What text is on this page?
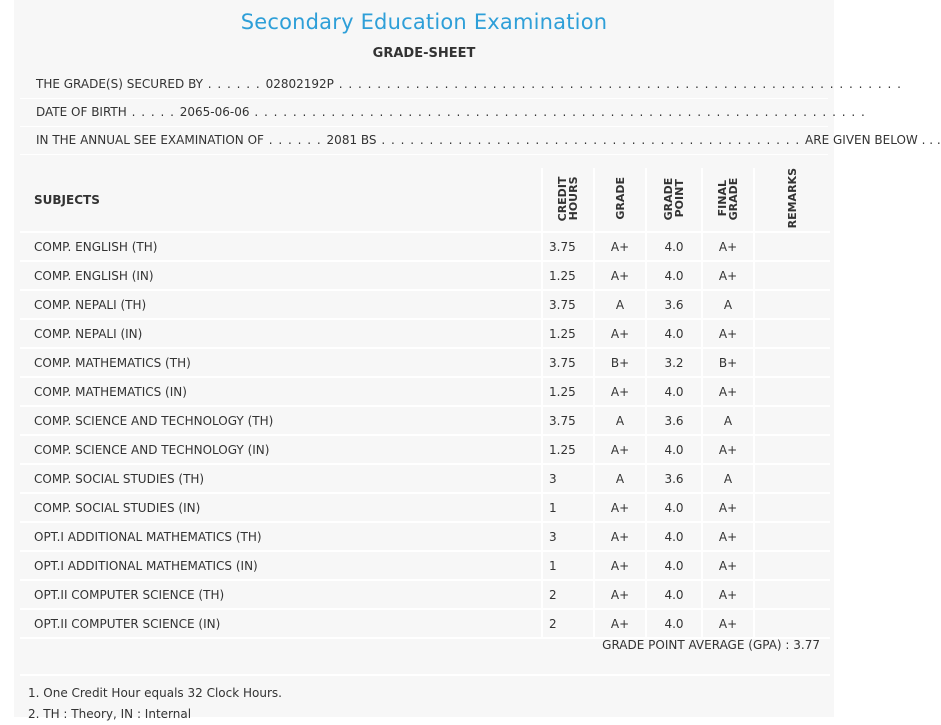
Secondary Education Examination
GRADE-SHEET
THE GRADE(S) SECURED BY . . . . . . 02802192P . . . . . . . . . . . . . . . . . . . . . . . . . . . . . . . . . . . . . . . . . . . . . . . . . . . . . . . . . . .
DATE OF BIRTH . . . . . 2065-06-06 . . . . . . . . . . . . . . . . . . . . . . . . . . . . . . . . . . . . . . . . . . . . . . . . . . . . . . . . . . . . . . . .
IN THE ANNUAL SEE EXAMINATION OF . . . . . . 2081 BS . . . . . . . . . . . . . . . . . . . . . . . . . . . . . . . . . . . . . . . . . . . . ARE GIVEN BELOW . . .
SUBJECTS	CREDIT HOURS	GRADE	GRADE POINT	FINAL GRADE	REMARKS
COMP. ENGLISH (TH)	3.75	A+	4.0	A+	
COMP. ENGLISH (IN)	1.25	A+	4.0	A+	
COMP. NEPALI (TH)	3.75	A	3.6	A	
COMP. NEPALI (IN)	1.25	A+	4.0	A+	
COMP. MATHEMATICS (TH)	3.75	B+	3.2	B+	
COMP. MATHEMATICS (IN)	1.25	A+	4.0	A+	
COMP. SCIENCE AND TECHNOLOGY (TH)	3.75	A	3.6	A	
COMP. SCIENCE AND TECHNOLOGY (IN)	1.25	A+	4.0	A+	
COMP. SOCIAL STUDIES (TH)	3	A	3.6	A	
COMP. SOCIAL STUDIES (IN)	1	A+	4.0	A+	
OPT.I ADDITIONAL MATHEMATICS (TH)	3	A+	4.0	A+	
OPT.I ADDITIONAL MATHEMATICS (IN)	1	A+	4.0	A+	
OPT.II COMPUTER SCIENCE (TH)	2	A+	4.0	A+	
OPT.II COMPUTER SCIENCE (IN)	2	A+	4.0	A+	
GRADE POINT AVERAGE (GPA) : 3.77
1. One Credit Hour equals 32 Clock Hours.
2. TH : Theory, IN : Internal
